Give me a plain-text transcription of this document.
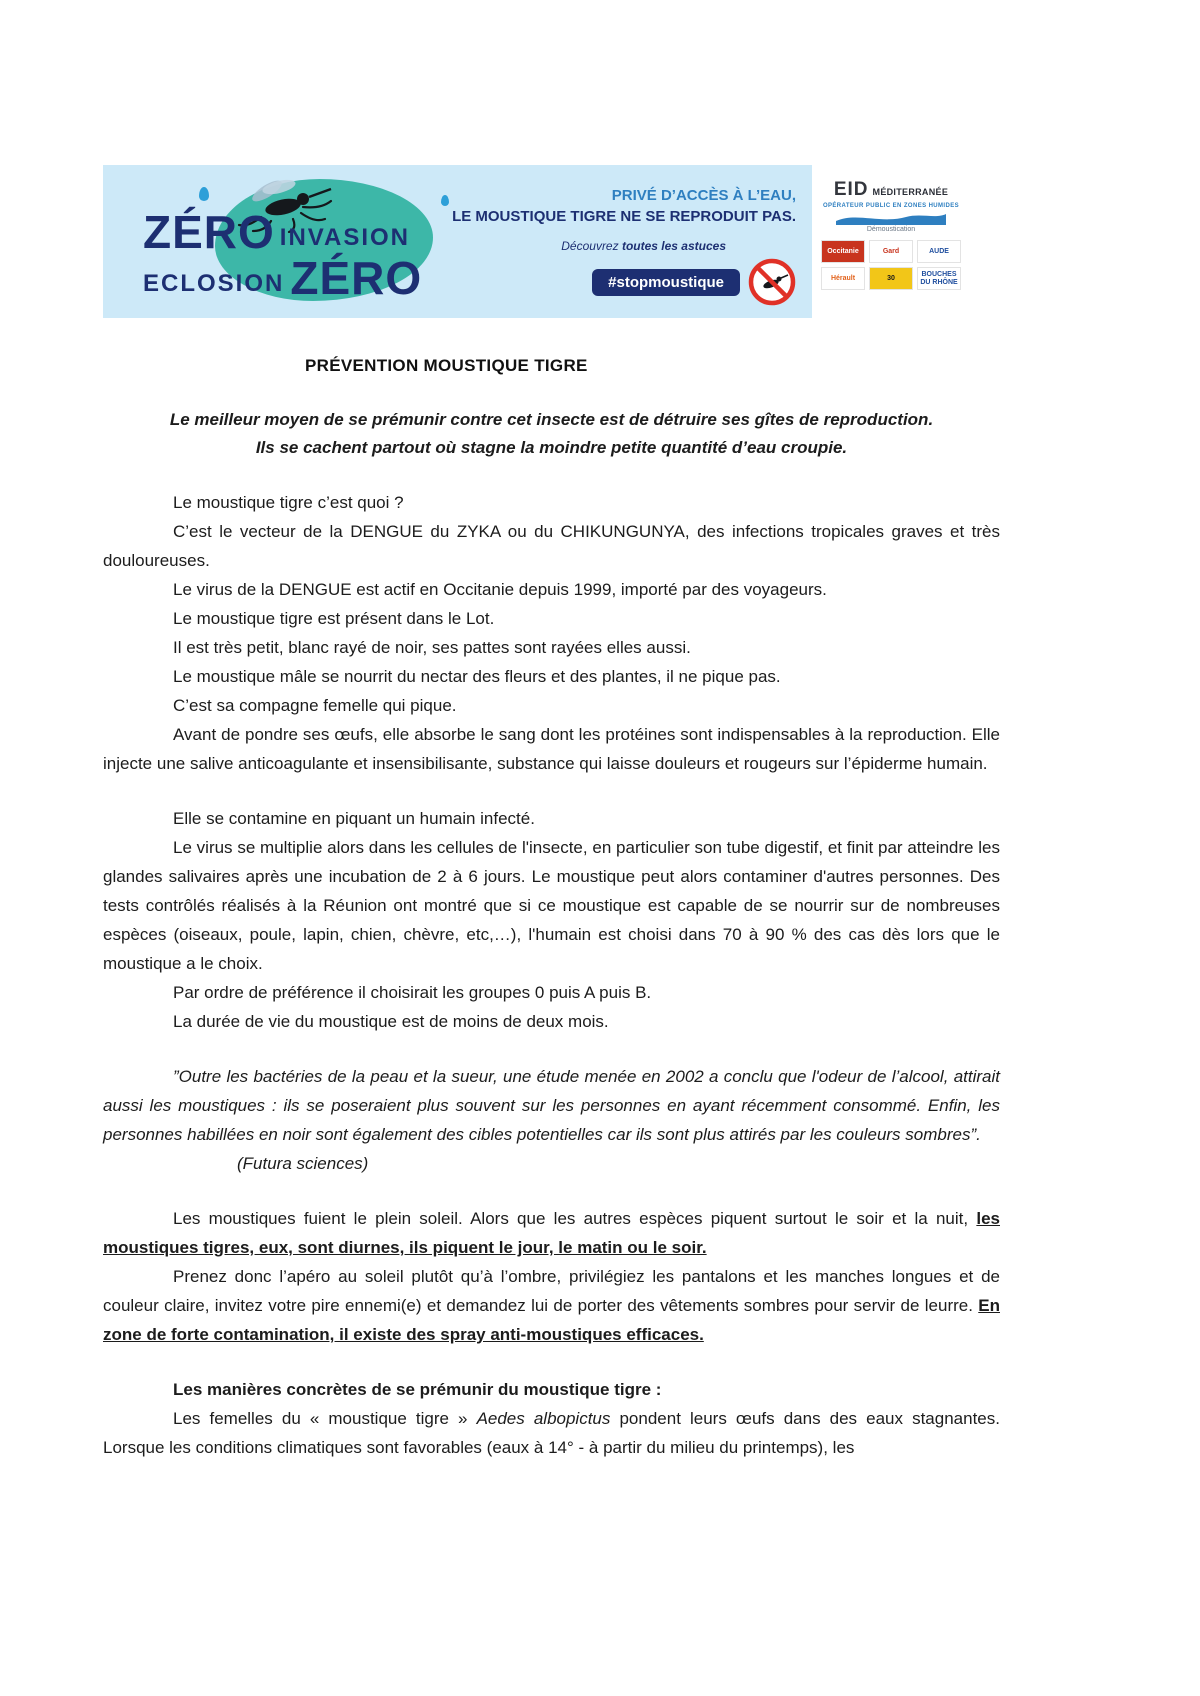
ZÉRO INVASION
ECLOSION ZÉRO
PRIVÉ D’ACCÈS À L’EAU,
LE MOUSTIQUE TIGRE NE SE REPRODUIT PAS.
Découvrez toutes les astuces
#stopmoustique
EID MÉDITERRANÉE
OPÉRATEUR PUBLIC EN ZONES HUMIDES
Démoustication
Occitanie	Gard	AUDE
Hérault	30
BOUCHES DU RHÔNE
PRÉVENTION MOUSTIQUE TIGRE
Le meilleur moyen de se prémunir contre cet insecte est de détruire ses gîtes de reproduction.
Ils se cachent partout où stagne la moindre petite quantité d’eau croupie.

Le moustique tigre c’est quoi ?

C’est le vecteur de la DENGUE du ZYKA ou du CHIKUNGUNYA, des infections tropicales graves et très douloureuses.

Le virus de la DENGUE est actif en Occitanie depuis 1999, importé par des voyageurs.

Le moustique tigre est présent dans le Lot.

Il est très petit, blanc rayé de noir, ses pattes sont rayées elles aussi.

Le moustique mâle se nourrit du nectar des fleurs et des plantes, il ne pique pas.

C’est sa compagne femelle qui pique.

Avant de pondre ses œufs, elle absorbe le sang dont les protéines sont indispensables à la reproduction. Elle injecte une salive anticoagulante et insensibilisante, substance qui laisse douleurs et rougeurs sur l’épiderme humain.

Elle se contamine en piquant un humain infecté.

Le virus se multiplie alors dans les cellules de l'insecte, en particulier son tube digestif, et finit par atteindre les glandes salivaires après une incubation de 2 à 6 jours. Le moustique peut alors contaminer d'autres personnes. Des tests contrôlés réalisés à la Réunion ont montré que si ce moustique est capable de se nourrir sur de nombreuses espèces (oiseaux, poule, lapin, chien, chèvre, etc,…), l'humain est choisi dans 70 à 90 % des cas dès lors que le moustique a le choix.

Par ordre de préférence il choisirait les groupes 0 puis A puis B.

La durée de vie du moustique est de moins de deux mois.

”Outre les bactéries de la peau et la sueur, une étude menée en 2002 a conclu que l'odeur de l’alcool, attirait aussi les moustiques : ils se poseraient plus souvent sur les personnes en ayant récemment consommé. Enfin, les personnes habillées en noir sont également des cibles potentielles car ils sont plus attirés par les couleurs sombres”.

(Futura sciences)

Les moustiques fuient le plein soleil. Alors que les autres espèces piquent surtout le soir et la nuit, les moustiques tigres, eux, sont diurnes, ils piquent le jour, le matin ou le soir.

Prenez donc l’apéro au soleil plutôt qu’à l’ombre, privilégiez les pantalons et les manches longues et de couleur claire, invitez votre pire ennemi(e) et demandez lui de porter des vêtements sombres pour servir de leurre. En zone de forte contamination, il existe des spray anti-moustiques efficaces.

Les manières concrètes de se prémunir du moustique tigre :

Les femelles du « moustique tigre » Aedes albopictus pondent leurs œufs dans des eaux stagnantes. Lorsque les conditions climatiques sont favorables (eaux à 14° - à partir du milieu du printemps), les
